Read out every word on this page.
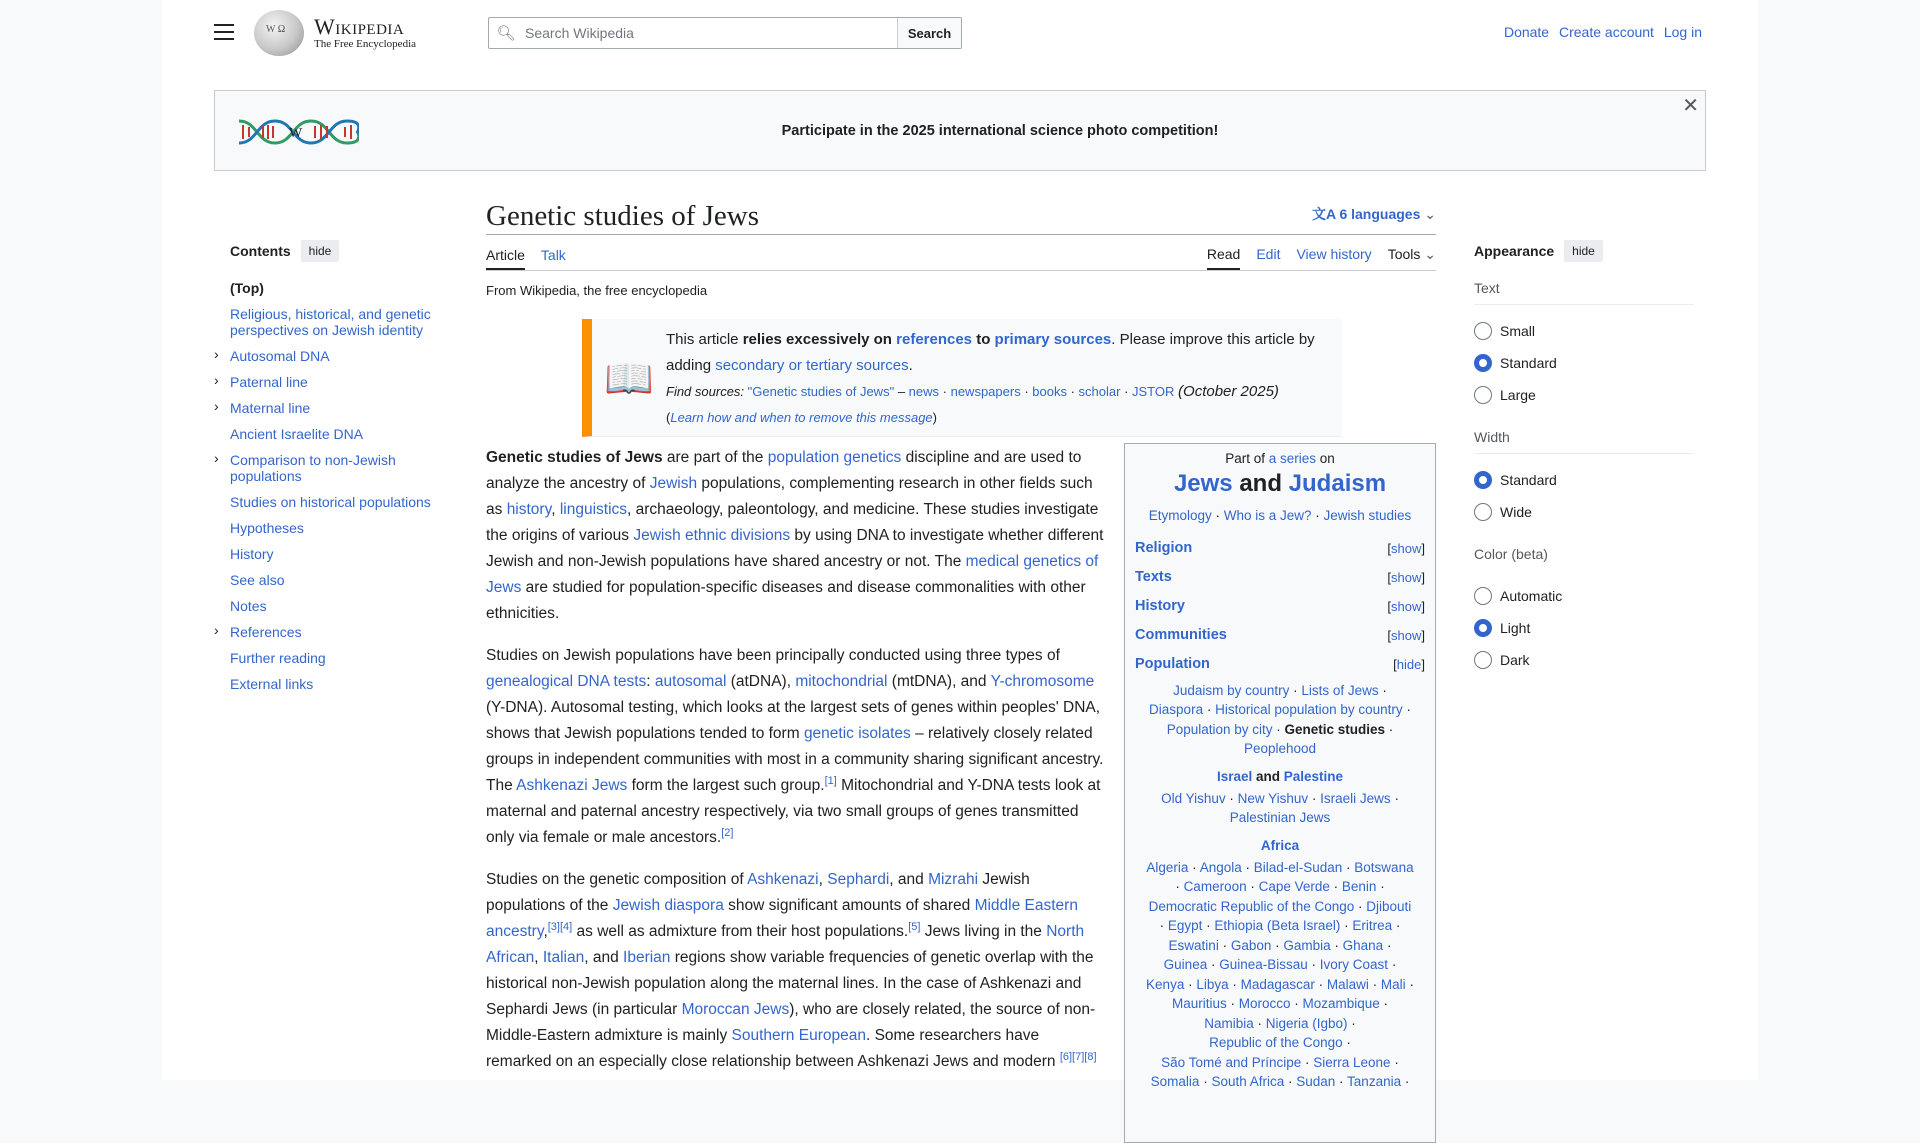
W Ω
Wikipedia
The Free Encyclopedia
🔍︎
Search Wikipedia	Search	Donate Create account Log in
W	Participate in the 2025 international science photo competition!
✕
Contents	hide
(Top)
Religious, historical, and genetic perspectives on Jewish identity
› Autosomal DNA
› Paternal line
› Maternal line
Ancient Israelite DNA
› Comparison to non-Jewish populations
Studies on historical populations
Hypotheses
History
See also
Notes
› References
Further reading
External links
Genetic studies of Jews	文A 6 languages ⌄
Article Talk	Read Edit View history Tools ⌄
From Wikipedia, the free encyclopedia
📖
This article relies excessively on references to primary sources. Please improve this article by adding secondary or tertiary sources.
Find sources: "Genetic studies of Jews" – news · newspapers · books · scholar · JSTOR (October 2025)
(Learn how and when to remove this message)

Genetic studies of Jews are part of the population genetics discipline and are used to analyze the ancestry of Jewish populations, complementing research in other fields such as history, linguistics, archaeology, paleontology, and medicine. These studies investigate the origins of various Jewish ethnic divisions by using DNA to investigate whether different Jewish and non-Jewish populations have shared ancestry or not. The medical genetics of Jews are studied for population-specific diseases and disease commonalities with other ethnicities.

Studies on Jewish populations have been principally conducted using three types of genealogical DNA tests: autosomal (atDNA), mitochondrial (mtDNA), and Y-chromosome (Y-DNA). Autosomal testing, which looks at the largest sets of genes within peoples' DNA, shows that Jewish populations tended to form genetic isolates – relatively closely related groups in independent communities with most in a community sharing significant ancestry. The Ashkenazi Jews form the largest such group.[1] Mitochondrial and Y-DNA tests look at maternal and paternal ancestry respectively, via two small groups of genes transmitted only via female or male ancestors.[2]

Studies on the genetic composition of Ashkenazi, Sephardi, and Mizrahi Jewish populations of the Jewish diaspora show significant amounts of shared Middle Eastern ancestry,[3][4] as well as admixture from their host populations.[5] Jews living in the North African, Italian, and Iberian regions show variable frequencies of genetic overlap with the historical non-Jewish population along the maternal lines. In the case of Ashkenazi and Sephardi Jews (in particular Moroccan Jews), who are closely related, the source of non-Middle-Eastern admixture is mainly Southern European. Some researchers have remarked on an especially close relationship between Ashkenazi Jews and modern [6][7][8]

Part of a series on
Jews and Judaism
Etymology · Who is a Jew? · Jewish studies
Religion	[show]
Texts	[show]
History	[show]
Communities	[show]
Population	[hide]
Judaism by country · Lists of Jews ·
Diaspora · Historical population by country ·
Population by city · Genetic studies ·
Peoplehood
Israel and Palestine
Old Yishuv · New Yishuv · Israeli Jews ·
Palestinian Jews
Africa
Algeria · Angola · Bilad-el-Sudan · Botswana
· Cameroon · Cape Verde · Benin ·
Democratic Republic of the Congo · Djibouti
· Egypt · Ethiopia (Beta Israel) · Eritrea ·
Eswatini · Gabon · Gambia · Ghana ·
Guinea · Guinea-Bissau · Ivory Coast ·
Kenya · Libya · Madagascar · Malawi · Mali ·
Mauritius · Morocco · Mozambique ·
Namibia · Nigeria (Igbo) ·
Republic of the Congo ·
São Tomé and Príncipe · Sierra Leone ·
Somalia · South Africa · Sudan · Tanzania ·
Appearance	hide
Text
Small
Standard
Large
Width
Standard
Wide
Color (beta)
Automatic
Light
Dark
